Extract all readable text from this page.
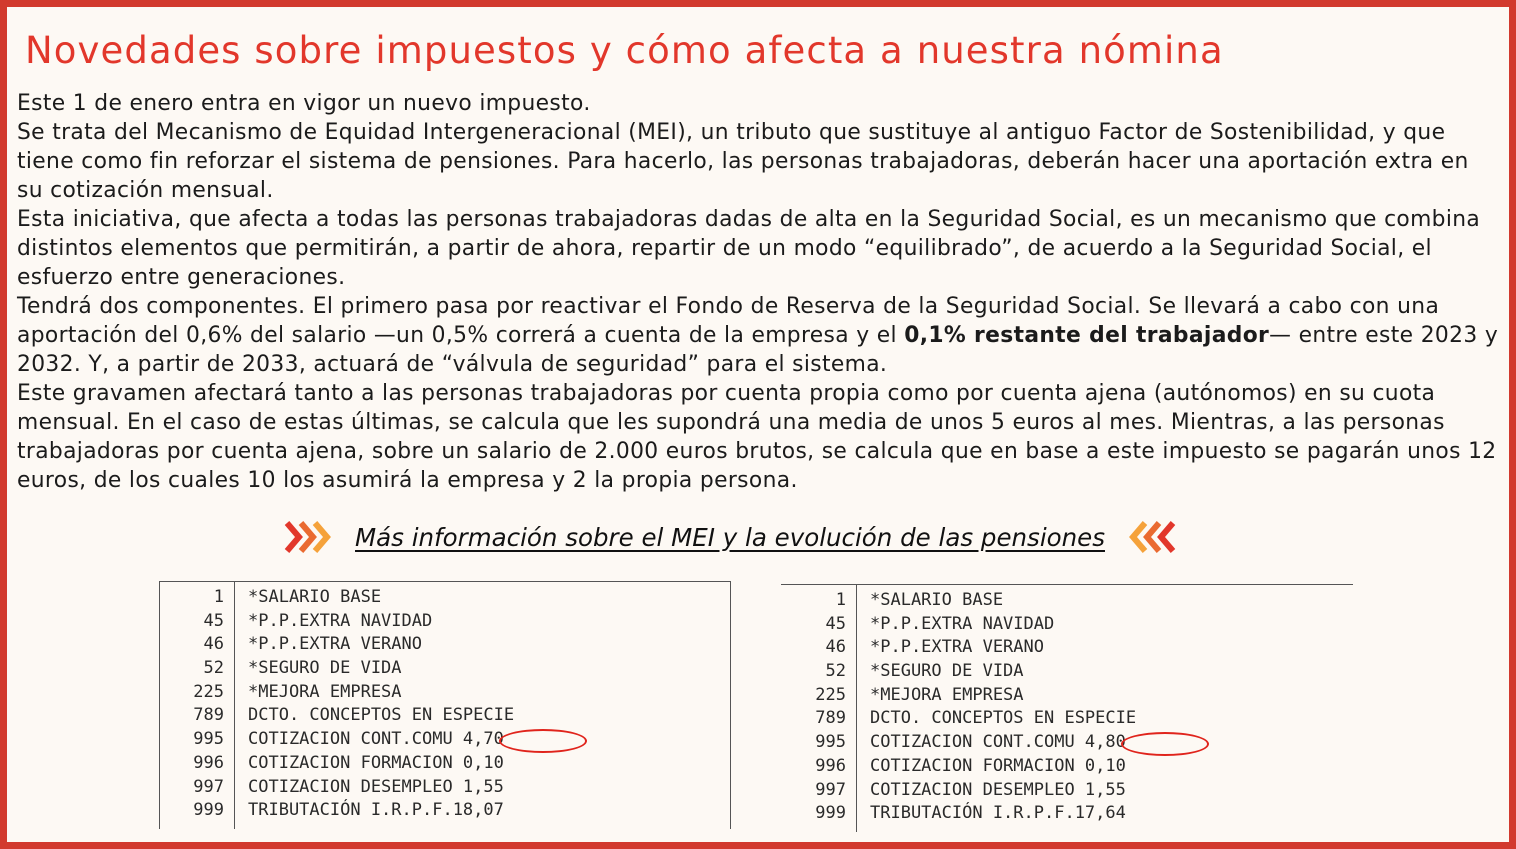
Novedades sobre impuestos y cómo afecta a nuestra nómina

Este 1 de enero entra en vigor un nuevo impuesto.

Se trata del Mecanismo de Equidad Intergeneracional (MEI), un tributo que sustituye al antiguo Factor de Sostenibilidad, y que tiene como fin reforzar el sistema de pensiones. Para hacerlo, las personas trabajadoras, deberán hacer una aportación extra en su cotización mensual.

Esta iniciativa, que afecta a todas las personas trabajadoras dadas de alta en la Seguridad Social, es un mecanismo que combina distintos elementos que permitirán, a partir de ahora, repartir de un modo “equilibrado”, de acuerdo a la Seguridad Social, el esfuerzo entre generaciones.

Tendrá dos componentes. El primero pasa por reactivar el Fondo de Reserva de la Seguridad Social. Se llevará a cabo con una aportación del 0,6% del salario —un 0,5% correrá a cuenta de la empresa y el 0,1% restante del trabajador— entre este 2023 y 2032. Y, a partir de 2033, actuará de “válvula de seguridad” para el sistema.

Este gravamen afectará tanto a las personas trabajadoras por cuenta propia como por cuenta ajena (autónomos) en su cuota mensual. En el caso de estas últimas, se calcula que les supondrá una media de unos 5 euros al mes. Mientras, a las personas trabajadoras por cuenta ajena, sobre un salario de 2.000 euros brutos, se calcula que en base a este impuesto se pagarán unos 12 euros, de los cuales 10 los asumirá la empresa y 2 la propia persona.

Más información sobre el MEI y la evolución de las pensiones
1 *SALARIO BASE
45 *P.P.EXTRA NAVIDAD
46 *P.P.EXTRA VERANO
52 *SEGURO DE VIDA
225 *MEJORA EMPRESA
789 DCTO. CONCEPTOS EN ESPECIE
995 COTIZACION CONT.COMU 4,70
996 COTIZACION FORMACION 0,10
997 COTIZACION DESEMPLEO 1,55
999 TRIBUTACIÓN I.R.P.F.18,07
1 *SALARIO BASE
45 *P.P.EXTRA NAVIDAD
46 *P.P.EXTRA VERANO
52 *SEGURO DE VIDA
225 *MEJORA EMPRESA
789 DCTO. CONCEPTOS EN ESPECIE
995 COTIZACION CONT.COMU 4,80
996 COTIZACION FORMACION 0,10
997 COTIZACION DESEMPLEO 1,55
999 TRIBUTACIÓN I.R.P.F.17,64
